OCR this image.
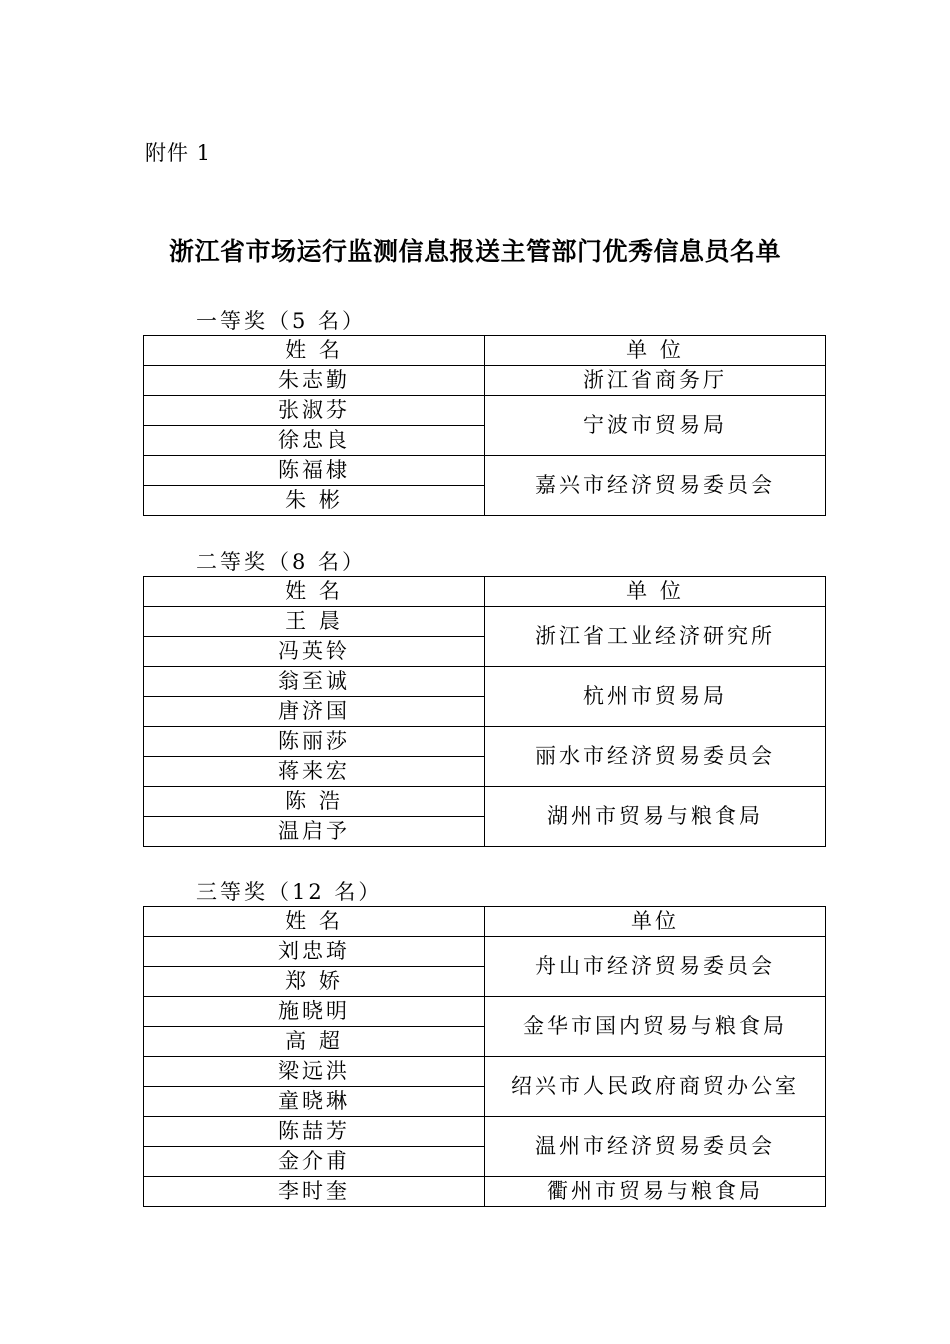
附件 1
浙江省市场运行监测信息报送主管部门优秀信息员名单
一等奖（5 名）
姓 名	单 位
朱志勤	浙江省商务厅
张淑芬	宁波市贸易局
徐忠良	
陈福棣	嘉兴市经济贸易委员会
朱 彬	
二等奖（8 名）
姓 名	单 位
王 晨	浙江省工业经济研究所
冯英铃	
翁至诚	杭州市贸易局
唐济国	
陈丽莎	丽水市经济贸易委员会
蒋来宏	
陈 浩	湖州市贸易与粮食局
温启予	
三等奖（12 名）
姓 名	单位
刘忠琦	舟山市经济贸易委员会
郑 娇	
施晓明	金华市国内贸易与粮食局
高 超	
梁远洪	绍兴市人民政府商贸办公室
童晓琳	
陈喆芳	温州市经济贸易委员会
金介甫	
李时奎	衢州市贸易与粮食局
